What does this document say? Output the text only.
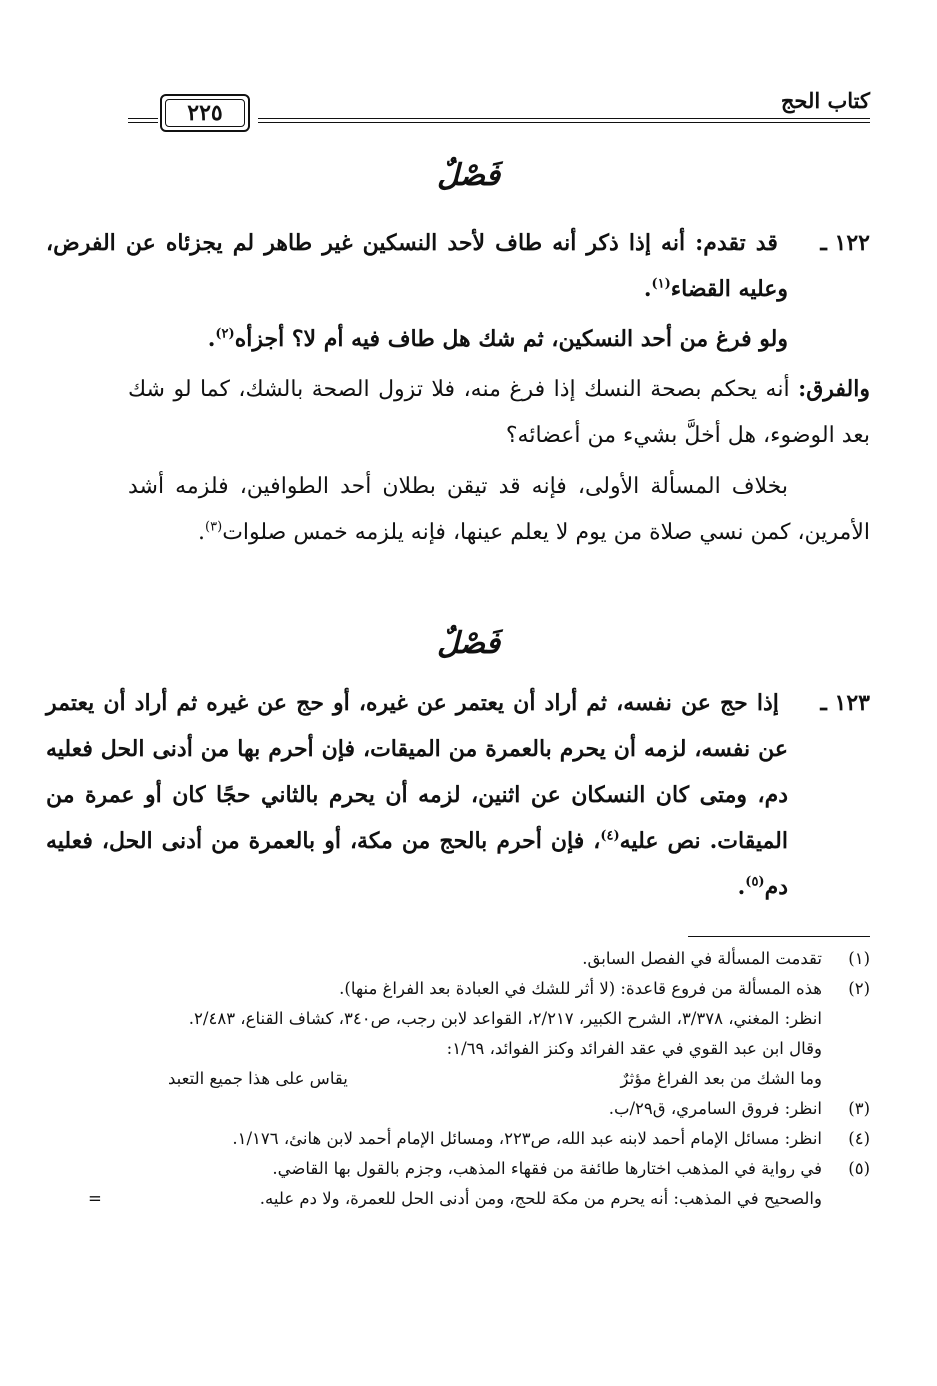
كتاب الحج
٢٢٥
فَصْلٌ
١٢٢ ـ قد تقدم: أنه إذا ذكر أنه طاف لأحد النسكين غير طاهر لم يجزئاه عن الفرض، وعليه القضاء$^{(١)}$.
ولو فرغ من أحد النسكين، ثم شك هل طاف فيه أم لا؟ أجزأه$^{(٢)}$.
والفرق: أنه يحكم بصحة النسك إذا فرغ منه، فلا تزول الصحة بالشك، كما لو شك بعد الوضوء، هل أخلَّ بشيء من أعضائه؟
بخلاف المسألة الأولى، فإنه قد تيقن بطلان أحد الطوافين، فلزمه أشد الأمرين، كمن نسي صلاة من يوم لا يعلم عينها، فإنه يلزمه خمس صلوات$^{(٣)}$.
فَصْلٌ
١٢٣ ـ إذا حج عن نفسه، ثم أراد أن يعتمر عن غيره، أو حج عن غيره ثم أراد أن يعتمر عن نفسه، لزمه أن يحرم بالعمرة من الميقات، فإن أحرم بها من أدنى الحل فعليه دم، ومتى كان النسكان عن اثنين، لزمه أن يحرم بالثاني حجًا كان أو عمرة من الميقات. نص عليه$^{(٤)}$، فإن أحرم بالحج من مكة، أو بالعمرة من أدنى الحل، فعليه دم$^{(٥)}$.
(١)

تقدمت المسألة في الفصل السابق.

(٢)

هذه المسألة من فروع قاعدة: (لا أثر للشك في العبادة بعد الفراغ منها).

انظر: المغني، ٣/٣٧٨، الشرح الكبير، ٢/٢١٧، القواعد لابن رجب، ص٣٤٠، كشاف القناع، ٢/٤٨٣.

وقال ابن عبد القوي في عقد الفرائد وكنز الفوائد، ١/٦٩:

وما الشك من بعد الفراغ مؤثرٌ
يقاس على هذا جميع التعبد
(٣)

انظر: فروق السامري، ق٢٩/ب.

(٤)

انظر: مسائل الإمام أحمد لابنه عبد الله، ص٢٢٣، ومسائل الإمام أحمد لابن هانئ، ١/١٧٦.

(٥)

في رواية في المذهب اختارها طائفة من فقهاء المذهب، وجزم بالقول بها القاضي.

والصحيح في المذهب: أنه يحرم من مكة للحج، ومن أدنى الحل للعمرة، ولا دم عليه.
=
